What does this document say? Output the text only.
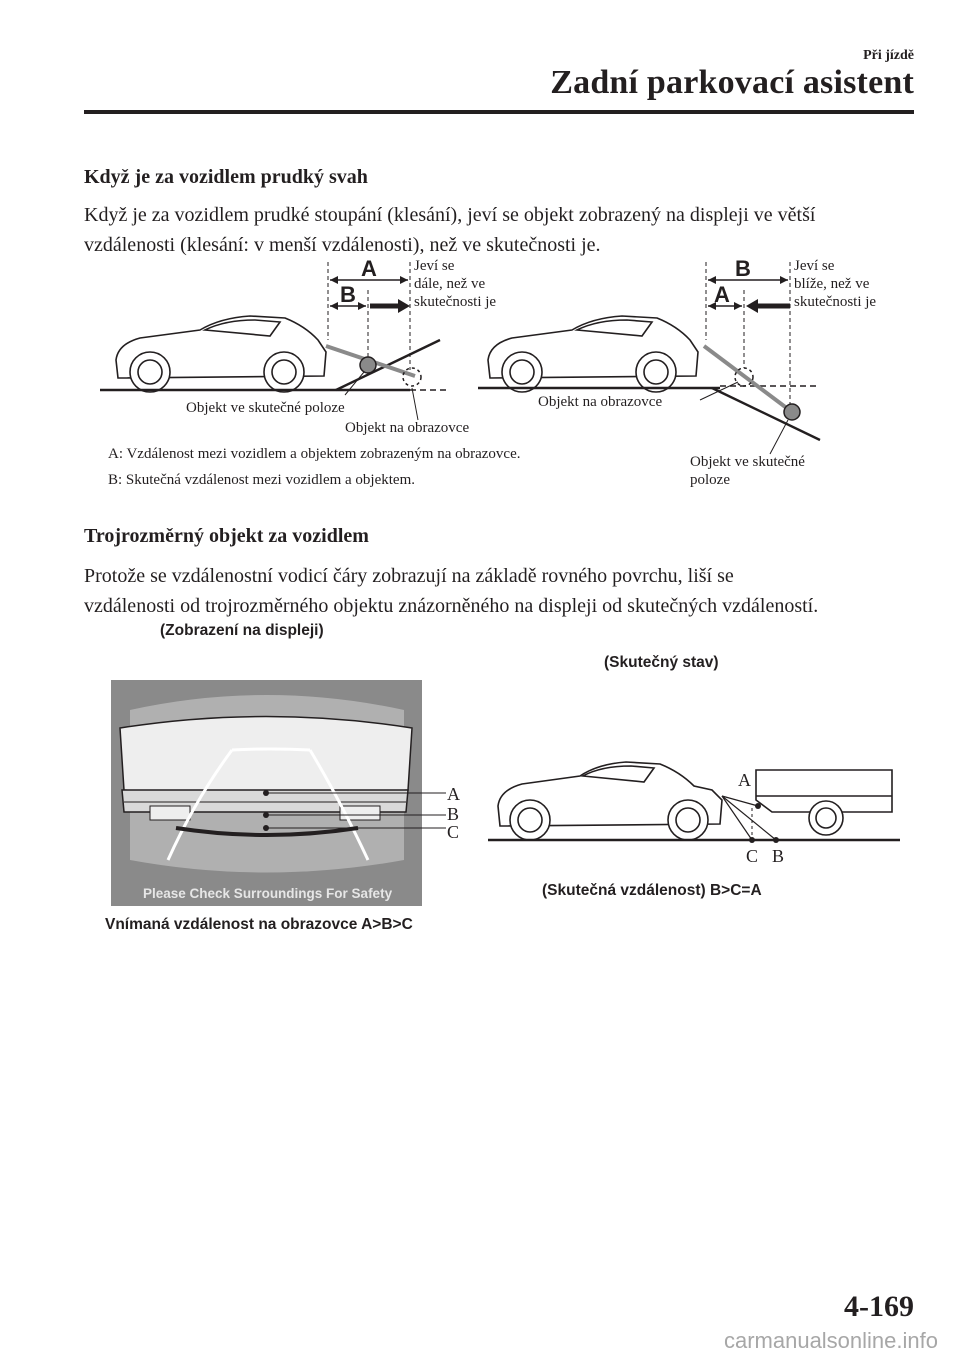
Při jízdě
Zadní parkovací asistent
Když je za vozidlem prudký svah
Když je za vozidlem prudké stoupání (klesání), jeví se objekt zobrazený na displeji ve větší
vzdálenosti (klesání: v menší vzdálenosti), než ve skutečnosti je.
A
B
Jeví se
dále, než ve
skutečnosti je
Objekt ve skutečné poloze
Objekt na obrazovce
B
A
Jeví se
blíže, než ve
skutečnosti je
Objekt na obrazovce
Objekt ve skutečné
poloze
A: Vzdálenost mezi vozidlem a objektem zobrazeným na obrazovce.
B: Skutečná vzdálenost mezi vozidlem a objektem.
Trojrozměrný objekt za vozidlem
Protože se vzdálenostní vodicí čáry zobrazují na základě rovného povrchu, liší se
vzdálenosti od trojrozměrného objektu znázorněného na displeji od skutečných vzdáleností.
(Zobrazení na displeji)
Please Check Surroundings For Safety
A
B
C
Vnímaná vzdálenost na obrazovce A>B>C
(Skutečný stav)
A
C B
(Skutečná vzdálenost) B>C=A
4-169
carmanualsonline.info
